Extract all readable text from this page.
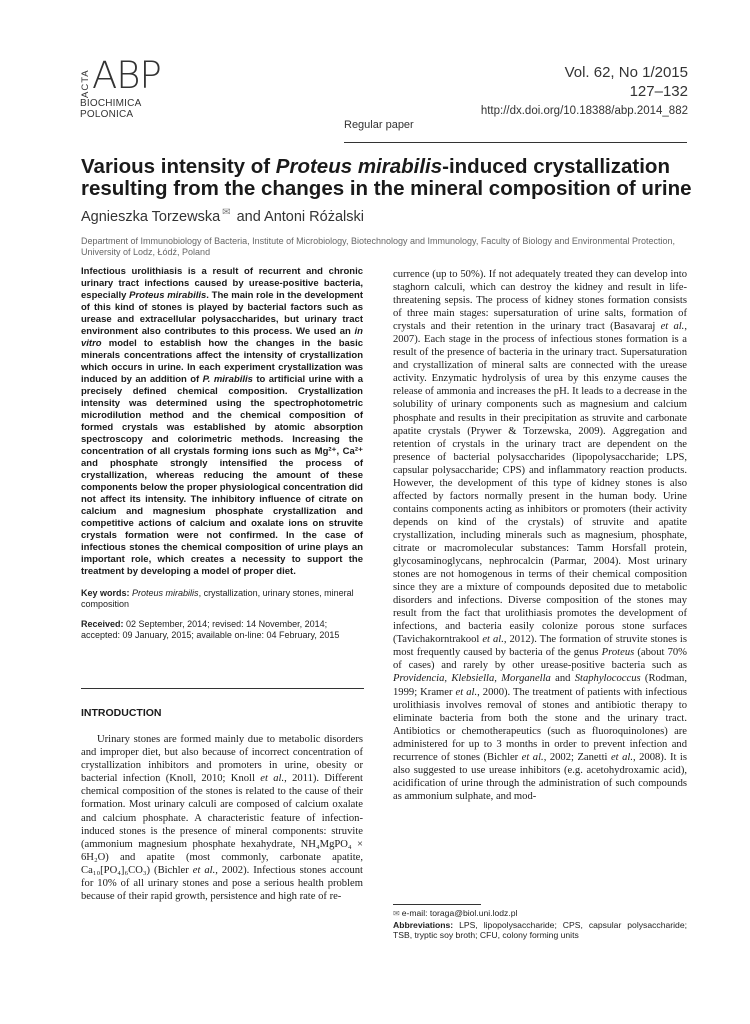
ACTA ABP
BIOCHIMICA
POLONICA
Vol. 62, No 1/2015
127–132
http://dx.doi.org/10.18388/abp.2014_882
Regular paper
Various intensity of Proteus mirabilis-induced crystallization resulting from the changes in the mineral composition of urine
Agnieszka Torzewska ✉ and Antoni Różalski
Department of Immunobiology of Bacteria, Institute of Microbiology, Biotechnology and Immunology, Faculty of Biology and Environmental Protection, University of Lodz, Łódź, Poland

Infectious urolithiasis is a result of recurrent and chronic urinary tract infections caused by urease-positive bacteria, especially Proteus mirabilis. The main role in the development of this kind of stones is played by bacterial factors such as urease and extracellular polysaccharides, but urinary tract environment also contributes to this process. We used an in vitro model to establish how the changes in the basic minerals concentrations affect the intensity of crystallization which occurs in urine. In each experiment crystallization was induced by an addition of P. mirabilis to artificial urine with a precisely defined chemical composition. Crystallization intensity was determined using the spectrophotometric microdilution method and the chemical composition of formed crystals was established by atomic absorption spectroscopy and colorimetric methods. Increasing the concentration of all crystals forming ions such as Mg²⁺, Ca²⁺ and phosphate strongly intensified the process of crystallization, whereas reducing the amount of these components below the proper physiological concentration did not affect its intensity. The inhibitory influence of citrate on calcium and magnesium phosphate crystallization and competitive actions of calcium and oxalate ions on struvite crystals formation were not confirmed. In the case of infectious stones the chemical composition of urine plays an important role, which creates a necessity to support the treatment by developing a model of proper diet.

Key words: Proteus mirabilis, crystallization, urinary stones, mineral composition
Received: 02 September, 2014; revised: 14 November, 2014; accepted: 09 January, 2015; available on-line: 04 February, 2015
INTRODUCTION

Urinary stones are formed mainly due to metabolic disorders and improper diet, but also because of incorrect concentration of crystallization inhibitors and promoters in urine, obesity or bacterial infection (Knoll, 2010; Knoll et al., 2011). Different chemical composition of the stones is related to the cause of their formation. Most urinary calculi are composed of calcium oxalate and calcium phosphate. A characteristic feature of infection-induced stones is the presence of mineral components: struvite (ammonium magnesium phosphate hexahydrate, NH₄MgPO₄ × 6H₂O) and apatite (most commonly, carbonate apatite, Ca₁₀[PO₄]₆CO₃) (Bichler et al., 2002). Infectious stones account for 10% of all urinary stones and pose a serious health problem because of their rapid growth, persistence and high rate of re-

currence (up to 50%). If not adequately treated they can develop into staghorn calculi, which can destroy the kidney and result in life-threatening sepsis. The process of kidney stones formation consists of three main stages: supersaturation of urine salts, formation of crystals and their retention in the urinary tract (Basavaraj et al., 2007). Each stage in the process of infectious stones formation is a result of the presence of bacteria in the urinary tract. Supersaturation and crystallization of mineral salts are connected with the urease activity. Enzymatic hydrolysis of urea by this enzyme causes the release of ammonia and increases the pH. It leads to a decrease in the solubility of urinary components such as magnesium and calcium phosphate and results in their precipitation as struvite and carbonate apatite crystals (Prywer & Torzewska, 2009). Aggregation and retention of crystals in the urinary tract are dependent on the presence of bacterial polysaccharides (lipopolysaccharide; LPS, capsular polysaccharide; CPS) and inflammatory reaction products. However, the development of this type of kidney stones is also affected by factors normally present in the human body. Urine contains components acting as inhibitors or promoters (their activity depends on kind of the crystals) of struvite and apatite crystallization, including minerals such as magnesium, phosphate, citrate or macromolecular substances: Tamm Horsfall protein, glycosaminoglycans, nephrocalcin (Parmar, 2004). Most urinary stones are not homogenous in terms of their chemical composition since they are a mixture of compounds deposited due to metabolic disorders and infections. Diverse composition of the stones may result from the fact that urolithiasis promotes the development of infections, and bacteria easily colonize porous stone surfaces (Tavichakorntrakool et al., 2012). The formation of struvite stones is most frequently caused by bacteria of the genus Proteus (about 70% of cases) and rarely by other urease-positive bacteria such as Providencia, Klebsiella, Morganella and Staphylococcus (Rodman, 1999; Kramer et al., 2000). The treatment of patients with infectious urolithiasis involves removal of stones and antibiotic therapy to eliminate bacteria from both the stone and the urinary tract. Antibiotics or chemotherapeutics (such as fluoroquinolones) are administered for up to 3 months in order to prevent infection and recurrence of stones (Bichler et al., 2002; Zanetti et al., 2008). It is also suggested to use urease inhibitors (e.g. acetohydroxamic acid), acidification of urine through the administration of such compounds as ammonium sulphate, and mod-

✉ e-mail: toraga@biol.uni.lodz.pl
Abbreviations: LPS, lipopolysaccharide; CPS, capsular polysaccharide; TSB, tryptic soy broth; CFU, colony forming units
